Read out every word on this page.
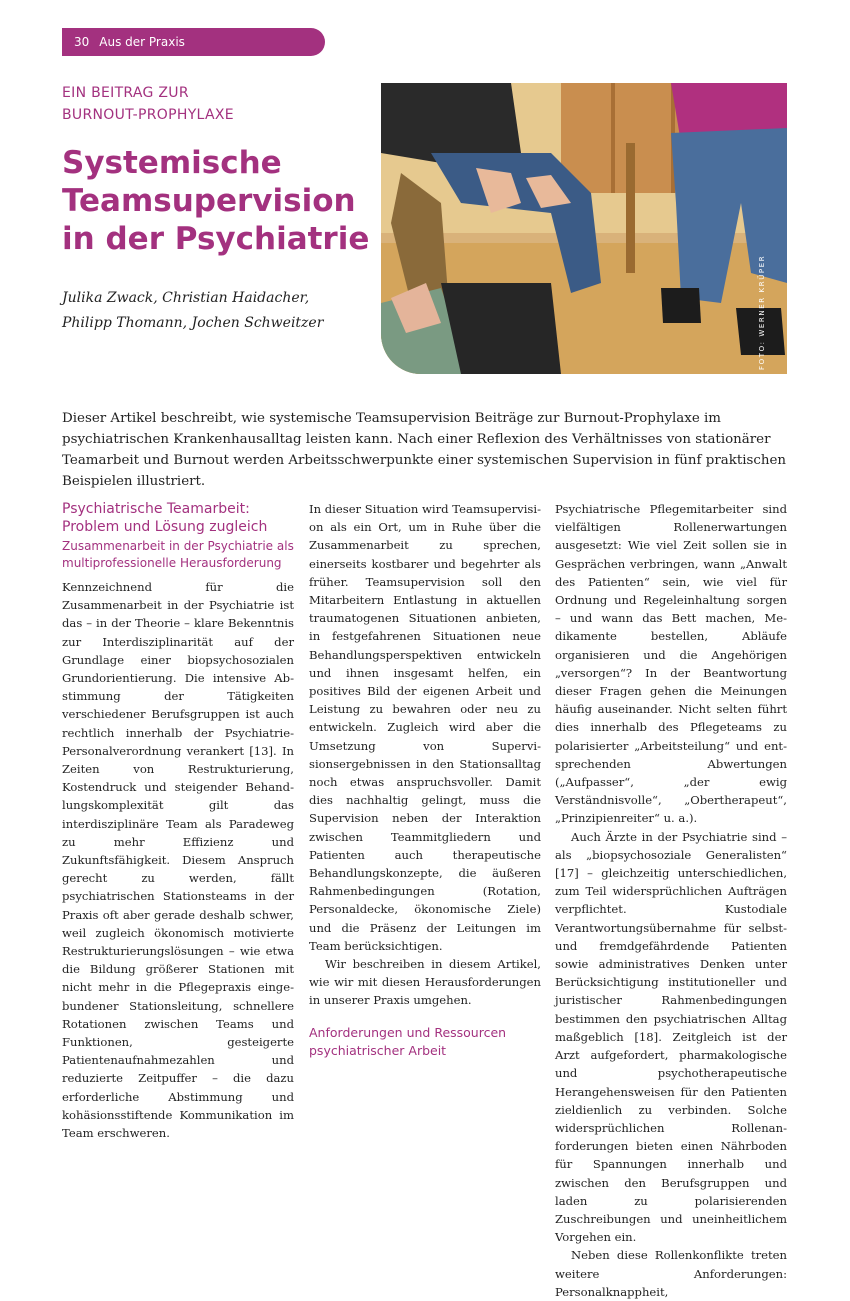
30 Aus der Praxis
EIN BEITRAG ZUR
BURNOUT-PROPHYLAXE
Systemische
Teamsupervision
in der Psychiatrie
Julika Zwack, Christian Haidacher,
Philipp Thomann, Jochen Schweitzer	FOTO: WERNER KRÜPER
Dieser Artikel beschreibt, wie systemische Teamsupervision Beiträge zur Burnout-Prophylaxe im psychiatrischen Krankenhausalltag leisten kann. Nach einer Reflexion des Verhältnisses von stationärer Teamarbeit und Burnout werden Arbeitsschwerpunkte einer systemischen Supervision in fünf praktischen Beispielen illustriert.
Psychiatrische Teamarbeit:
Problem und Lösung zugleich
Zusammenarbeit in der Psychiatrie als
multiprofessionelle Herausforderung

Kennzeichnend für die Zusammenarbeit in der Psychiatrie ist das – in der Theorie – klare Bekenntnis zur Interdisziplinarität auf der Grundlage einer biopsychosozialen Grundorientierung. Die intensive Abstimmung der Tätigkeiten verschiedener Berufsgruppen ist auch rechtlich innerhalb der Psychiatrie-Personalverordnung verankert [13]. In Zeiten von Restrukturierung, Kostendruck und steigender Behandlungskomplexität gilt das interdisziplinäre Team als Paradeweg zu mehr Effizienz und Zukunftsfähigkeit. Diesem Anspruch gerecht zu werden, fällt psychiatrischen Stationsteams in der Praxis oft aber gerade deshalb schwer, weil zugleich ökonomisch motivierte Restrukturierungslösungen – wie etwa die Bildung größerer Stationen mit nicht mehr in die Pflegepraxis eingebundener Stationsleitung, schnellere Rotationen zwischen Teams und Funktionen, gesteigerte Patientenaufnahmezahlen und reduzierte Zeitpuffer – die dazu erforderliche Abstimmung und kohäsionsstiftende Kommunikation im Team erschweren.

In dieser Situation wird Teamsupervision als ein Ort, um in Ruhe über die Zusammenarbeit zu sprechen, einerseits kostbarer und begehrter als früher. Teamsupervision soll den Mitarbeitern Entlastung in aktuellen traumatogenen Situationen anbieten, in festgefahrenen Situationen neue Behandlungsperspektiven entwickeln und ihnen insgesamt helfen, ein positives Bild der eigenen Arbeit und Leistung zu bewahren oder neu zu entwickeln. Zugleich wird aber die Umsetzung von Supervisionsergebnissen in den Stationsalltag noch etwas anspruchsvoller. Damit dies nachhaltig gelingt, muss die Supervision neben der Interaktion zwischen Teammitgliedern und Patienten auch therapeutische Behandlungskonzepte, die äußeren Rahmenbedingungen (Rotation, Personaldecke, ökonomische Ziele) und die Präsenz der Leitungen im Team berücksichtigen.

Wir beschreiben in diesem Artikel, wie wir mit diesen Herausforderungen in unserer Praxis umgehen.

Anforderungen und Ressourcen
psychiatrischer Arbeit

Psychiatrische Pflegemitarbeiter sind vielfältigen Rollenerwartungen ausgesetzt: Wie viel Zeit sollen sie in Gesprächen verbringen, wann „Anwalt des Patienten“ sein, wie viel für Ordnung und Regeleinhaltung sorgen – und wann das Bett machen, Medikamente bestellen, Abläufe organisieren und die Angehörigen „versorgen“? In der Beantwortung dieser Fragen gehen die Meinungen häufig auseinander. Nicht selten führt dies innerhalb des Pflegeteams zu polarisierter „Arbeitsteilung“ und entsprechenden Abwertungen („Aufpasser“, „der ewig Verständnisvolle“, „Obertherapeut“, „Prinzipienreiter“ u. a.).

Auch Ärzte in der Psychiatrie sind – als „biopsychosoziale Generalisten“ [17] – gleichzeitig unterschiedlichen, zum Teil widersprüchlichen Aufträgen verpflichtet. Kustodiale Verantwortungsübernahme für selbst- und fremdgefährdende Patienten sowie administratives Denken unter Berücksichtigung institutioneller und juristischer Rahmenbedingungen bestimmen den psychiatrischen Alltag maßgeblich [18]. Zeitgleich ist der Arzt aufgefordert, pharmakologische und psychotherapeutische Herangehensweisen für den Patienten zieldienlich zu verbinden. Solche widersprüchlichen Rollenanforderungen bieten einen Nährboden für Spannungen innerhalb und zwischen den Berufsgruppen und laden zu polarisierenden Zuschreibungen und uneinheitlichem Vorgehen ein.

Neben diese Rollenkonflikte treten weitere Anforderungen: Personalknappheit,
